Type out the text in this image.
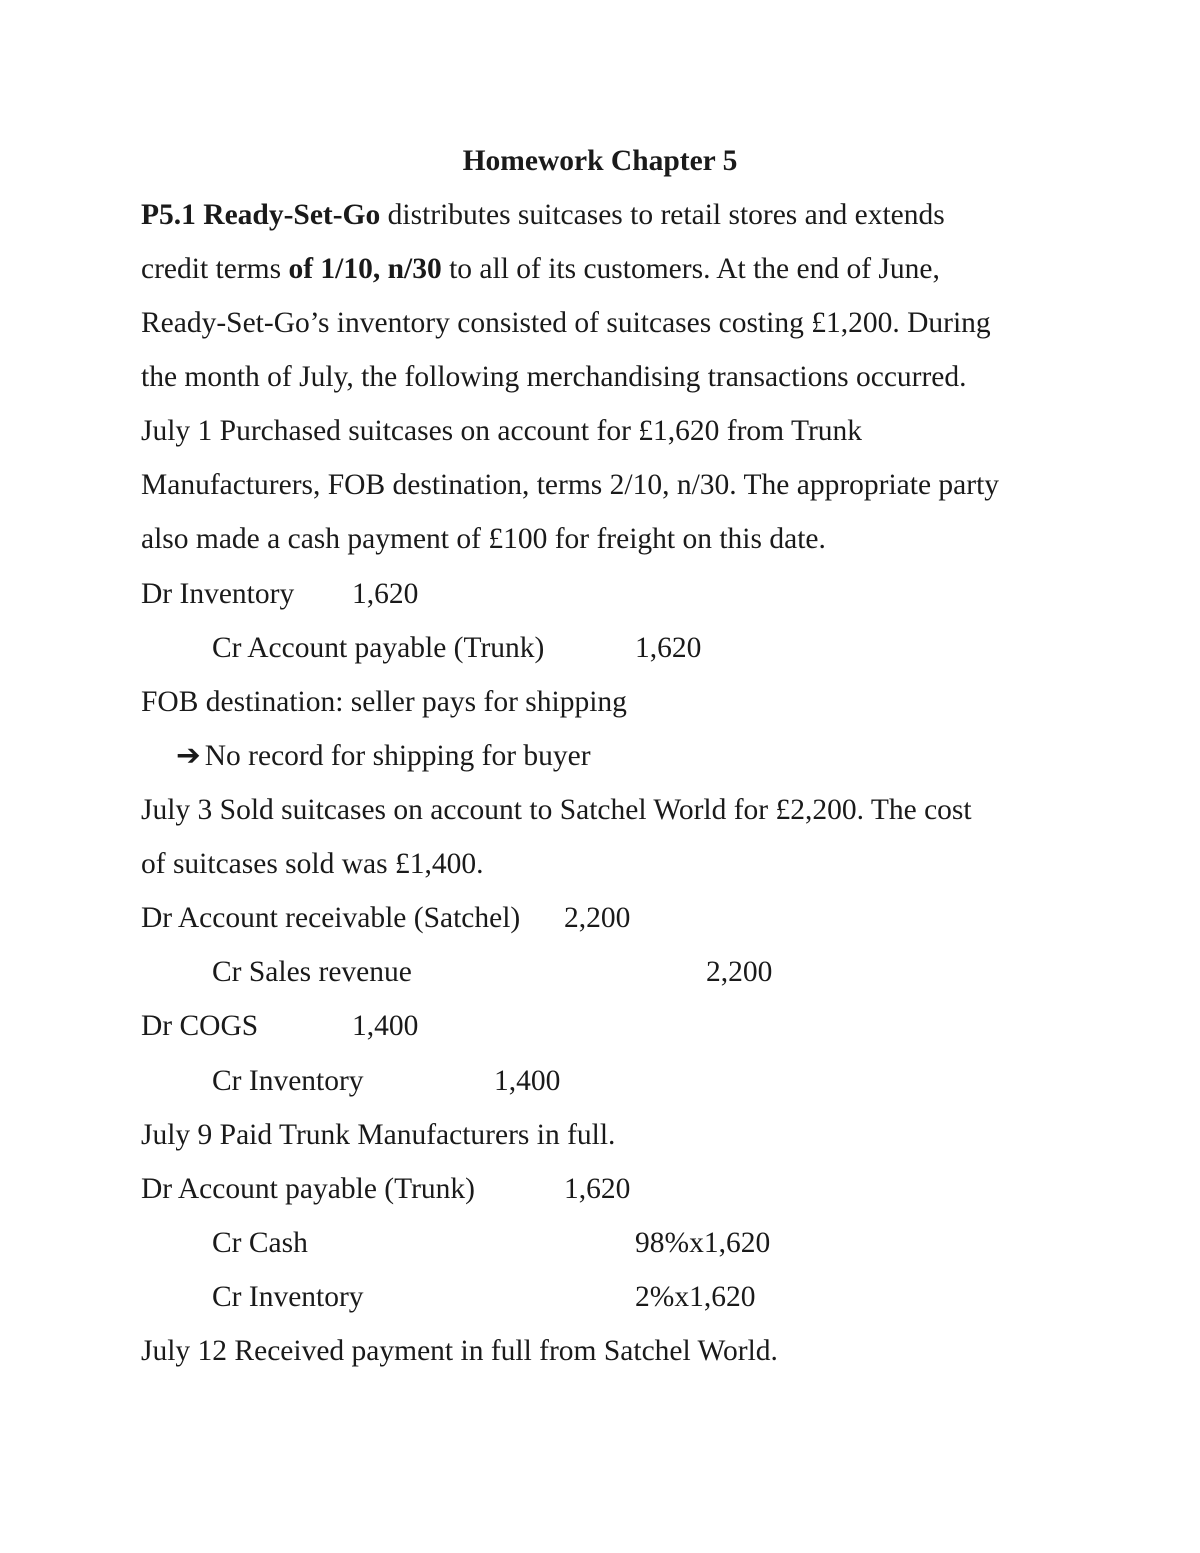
Homework Chapter 5
P5.1 Ready-Set-Go distributes suitcases to retail stores and extends
credit terms of 1/10, n/30 to all of its customers. At the end of June,
Ready-Set-Go’s inventory consisted of suitcases costing £1,200. During
the month of July, the following merchandising transactions occurred.
July 1 Purchased suitcases on account for £1,620 from Trunk
Manufacturers, FOB destination, terms 2/10, n/30. The appropriate party
also made a cash payment of £100 for freight on this date.
Dr Inventory 1,620
Cr Account payable (Trunk)	1,620
FOB destination: seller pays for shipping
➔ No record for shipping for buyer
July 3 Sold suitcases on account to Satchel World for £2,200. The cost
of suitcases sold was £1,400.
Dr Account receivable (Satchel) 2,200
Cr Sales revenue	2,200
Dr COGS	1,400
Cr Inventory	1,400
July 9 Paid Trunk Manufacturers in full.
Dr Account payable (Trunk)	1,620
Cr Cash	98%x1,620
Cr Inventory	2%x1,620
July 12 Received payment in full from Satchel World.
